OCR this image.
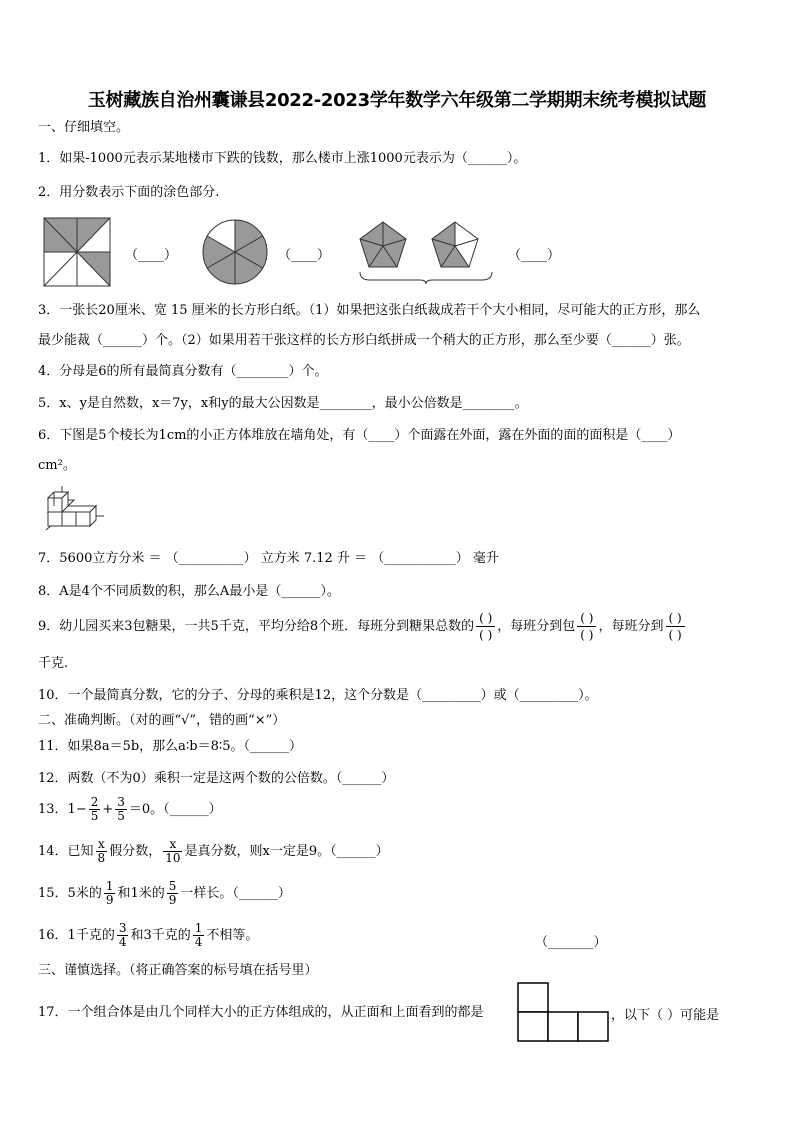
玉树藏族自治州囊谦县2022-2023学年数学六年级第二学期期末统考模拟试题
一、仔细填空。
1．如果-1000元表示某地楼市下跌的钱数，那么楼市上涨1000元表示为（______）。
2．用分数表示下面的涂色部分.
（____）	（____）	（____）
3．一张长20厘米、宽 15 厘米的长方形白纸。（1）如果把这张白纸裁成若干个大小相同，尽可能大的正方形，那么
最少能裁（______）个。（2）如果用若干张这样的长方形白纸拼成一个稍大的正方形，那么至少要（______）张。
4．分母是6的所有最简真分数有（________）个。
5．x、y是自然数，x＝7y，x和y的最大公因数是________，最小公倍数是________。
6．下图是5个棱长为1cm的小正方体堆放在墙角处，有（____）个面露在外面，露在外面的面的面积是（____）
cm²。
7．5600立方分米 ＝ （__________） 立方米 7.12 升 ＝ （___________） 毫升
8．A是4个不同质数的积，那么A最小是（______）。
9．幼儿园买来3包糖果，一共5千克，平均分给8个班．每班分到糖果总数的 $\frac{( )}{( )}$ ，每班分到包 $\frac{( )}{( )}$ ，每班分到 $\frac{( )}{( )}$
千克.
10．一个最简真分数，它的分子、分母的乘积是12，这个分数是（_________）或（_________）。
二、准确判断。（对的画“√”，错的画“×”）
11．如果8a＝5b，那么a∶b＝8∶5。（______）
12．两数（不为0）乘积一定是这两个数的公倍数。（______）
13．$1- \frac{2}{5} + \frac{3}{5} =0$。（______）
14．已知 $\frac{x}{8}$ 假分数， $\frac{x}{10}$ 是真分数，则x一定是9。（______）
15．5米的 $\frac{1}{9}$ 和1米的 $\frac{5}{9}$ 一样长。（______）
16．1千克的 $\frac{3}{4}$ 和3千克的 $\frac{1}{4}$ 不相等。	（_______）
三、谨慎选择。（将正确答案的标号填在括号里）
17．一个组合体是由几个同样大小的正方体组成的，从正面和上面看到的都是	，以下（ ）可能是
